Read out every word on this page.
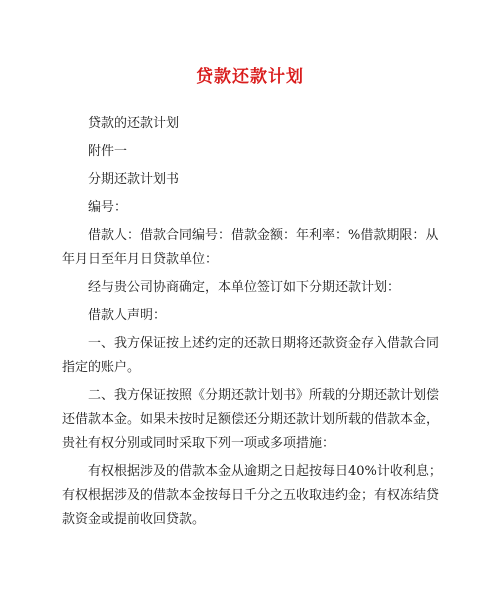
贷款还款计划

贷款的还款计划

附件一

分期还款计划书

编号：

借款人：借款合同编号：借款金额：年利率：%借款期限：从年月日至年月日贷款单位：

经与贵公司协商确定，本单位签订如下分期还款计划：

借款人声明：

一、我方保证按上述约定的还款日期将还款资金存入借款合同指定的账户。

二、我方保证按照《分期还款计划书》所载的分期还款计划偿还借款本金。如果未按时足额偿还分期还款计划所载的借款本金，贵社有权分别或同时采取下列一项或多项措施：

有权根据涉及的借款本金从逾期之日起按每日40%计收利息；有权根据涉及的借款本金按每日千分之五收取违约金；有权冻结贷款资金或提前收回贷款。
